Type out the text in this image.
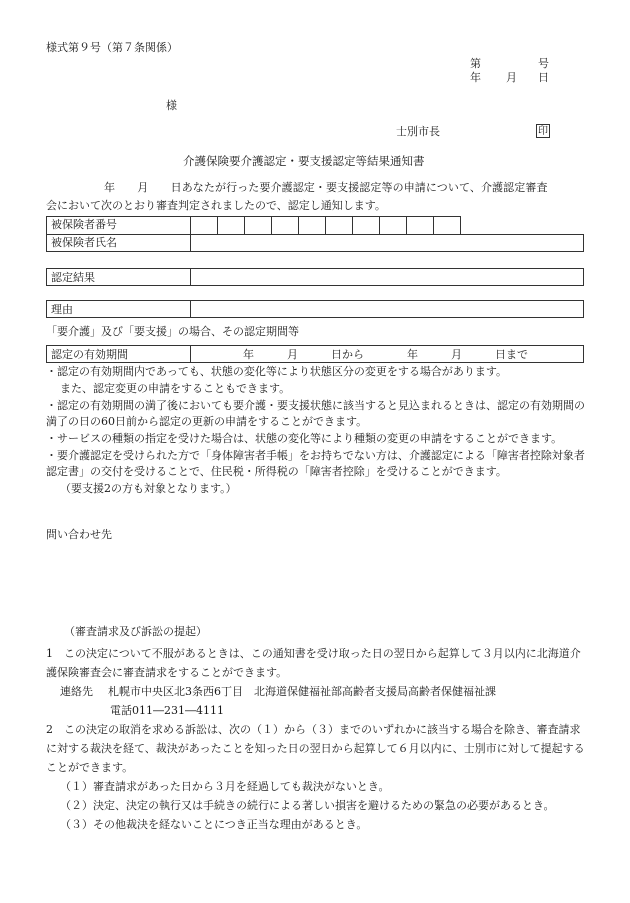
様式第９号（第７条関係）
第	号
年 月 日
様
士別市長	印
介護保険要介護認定・要支援認定等結果通知書
年　　月　　日あなたが行った要介護認定・要支援認定等の申請について、介護認定審査
会において次のとおり審査判定されましたので、認定し通知します。
被保険者番号											
被保険者氏名											
認定結果
理由
「要介護」及び「要支援」の場合、その認定期間等
認定の有効期間	年　　　月　　　日から	年　　　月　　　日まで

・認定の有効期間内であっても、状態の変化等により状態区分の変更をする場合があります。

また、認定変更の申請をすることもできます。

・認定の有効期間の満了後においても要介護・要支援状態に該当すると見込まれるときは、認定の有効期間の満了の日の60日前から認定の更新の申請をすることができます。

・サービスの種類の指定を受けた場合は、状態の変化等により種類の変更の申請をすることができます。

・要介護認定を受けられた方で「身体障害者手帳」をお持ちでない方は、介護認定による「障害者控除対象者認定書」の交付を受けることで、住民税・所得税の「障害者控除」を受けることができます。

（要支援2の方も対象となります。）

問い合わせ先
（審査請求及び訴訟の提起）

1　この決定について不服があるときは、この通知書を受け取った日の翌日から起算して３月以内に北海道介護保険審査会に審査請求をすることができます。

連絡先 札幌市中央区北3条西6丁目　北海道保健福祉部高齢者支援局高齢者保健福祉課

電話011―231―4111

2　この決定の取消を求める訴訟は、次の（１）から（３）までのいずれかに該当する場合を除き、審査請求に対する裁決を経て、裁決があったことを知った日の翌日から起算して６月以内に、士別市に対して提起することができます。

（１）審査請求があった日から３月を経過しても裁決がないとき。

（２）決定、決定の執行又は手続きの続行による著しい損害を避けるための緊急の必要があるとき。

（３）その他裁決を経ないことにつき正当な理由があるとき。
